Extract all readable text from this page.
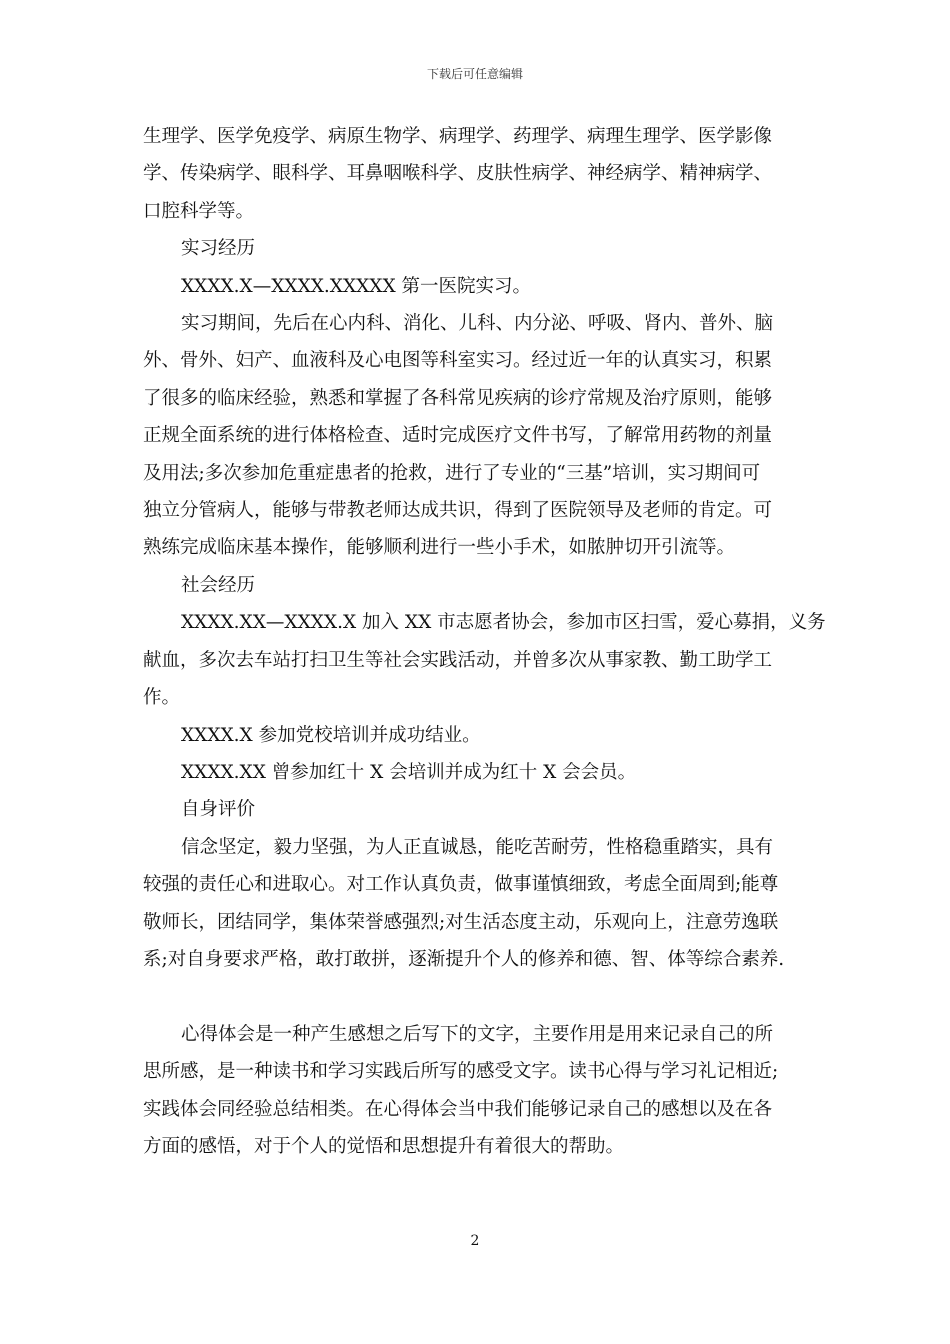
下载后可任意编辑
生理学、医学免疫学、病原生物学、病理学、药理学、病理生理学、医学影像
学、传染病学、眼科学、耳鼻咽喉科学、皮肤性病学、神经病学、精神病学、
口腔科学等。
实习经历
XXXX.X—XXXX.XXXXX 第一医院实习。
实习期间，先后在心内科、消化、儿科、内分泌、呼吸、肾内、普外、脑
外、骨外、妇产、血液科及心电图等科室实习。经过近一年的认真实习，积累
了很多的临床经验，熟悉和掌握了各科常见疾病的诊疗常规及治疗原则，能够
正规全面系统的进行体格检查、适时完成医疗文件书写，了解常用药物的剂量
及用法;多次参加危重症患者的抢救，进行了专业的“三基”培训，实习期间可
独立分管病人，能够与带教老师达成共识，得到了医院领导及老师的肯定。可
熟练完成临床基本操作，能够顺利进行一些小手术，如脓肿切开引流等。
社会经历
XXXX.XX—XXXX.X 加入 XX 市志愿者协会，参加市区扫雪，爱心募捐，义务
献血，多次去车站打扫卫生等社会实践活动，并曾多次从事家教、勤工助学工
作。
XXXX.X 参加党校培训并成功结业。
XXXX.XX 曾参加红十 X 会培训并成为红十 X 会会员。
自身评价
信念坚定，毅力坚强，为人正直诚恳，能吃苦耐劳，性格稳重踏实，具有
较强的责任心和进取心。对工作认真负责，做事谨慎细致，考虑全面周到;能尊
敬师长，团结同学，集体荣誉感强烈;对生活态度主动，乐观向上，注意劳逸联
系;对自身要求严格，敢打敢拼，逐渐提升个人的修养和德、智、体等综合素养.
心得体会是一种产生感想之后写下的文字，主要作用是用来记录自己的所
思所感，是一种读书和学习实践后所写的感受文字。读书心得与学习礼记相近;
实践体会同经验总结相类。在心得体会当中我们能够记录自己的感想以及在各
方面的感悟，对于个人的觉悟和思想提升有着很大的帮助。
2
